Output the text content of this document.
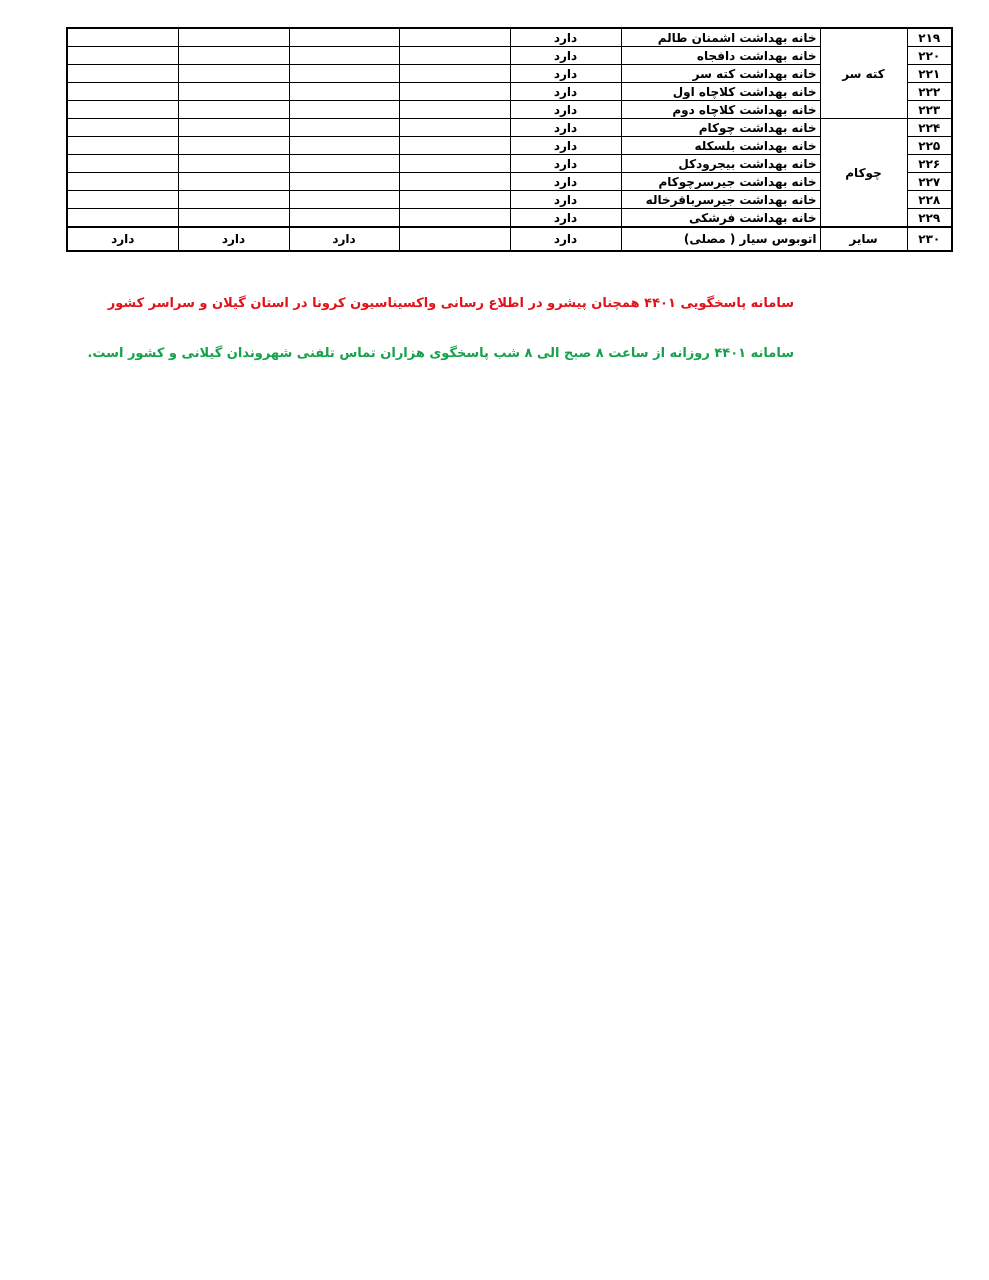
۲۱۹	کته سر	خانه بهداشت اشمنان طالم	دارد				
۲۲۰		خانه بهداشت دافجاه	دارد				
۲۲۱		خانه بهداشت کته سر	دارد				
۲۲۲		خانه بهداشت کلاچاه اول	دارد				
۲۲۳		خانه بهداشت کلاچاه دوم	دارد				
۲۲۴	چوکام	خانه بهداشت چوکام	دارد				
۲۲۵		خانه بهداشت بلسکله	دارد				
۲۲۶		خانه بهداشت بیجرودکل	دارد				
۲۲۷		خانه بهداشت جیرسرچوکام	دارد				
۲۲۸		خانه بهداشت جیرسرباقرخاله	دارد				
۲۲۹		خانه بهداشت فرشکی	دارد				
۲۳۰	سایر	اتوبوس سیار ( مصلی)	دارد		دارد	دارد	دارد
سامانه پاسخگویی ۴۴۰۱ همچنان پیشرو در اطلاع رسانی واکسیناسیون کرونا در استان گیلان و سراسر کشور
سامانه ۴۴۰۱ روزانه از ساعت ۸ صبح الی ۸ شب پاسخگوی هزاران تماس تلفنی شهروندان گیلانی و کشور است.
